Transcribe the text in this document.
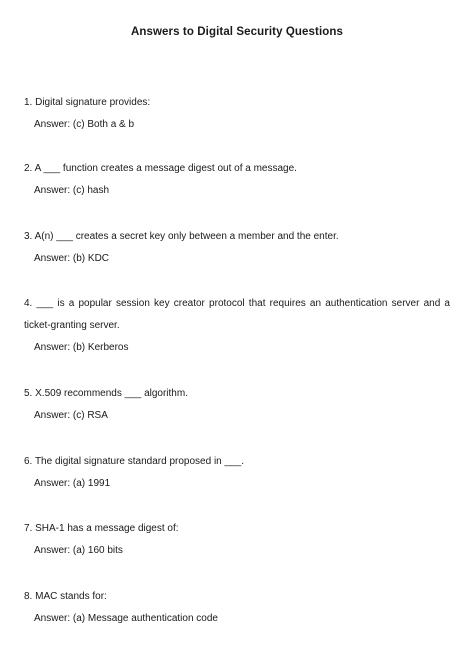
Answers to Digital Security Questions

1. Digital signature provides:

Answer: (c) Both a & b

2. A ___ function creates a message digest out of a message.

Answer: (c) hash

3. A(n) ___ creates a secret key only between a member and the enter.

Answer: (b) KDC

4. ___ is a popular session key creator protocol that requires an authentication server and a ticket-granting server.

Answer: (b) Kerberos

5. X.509 recommends ___ algorithm.

Answer: (c) RSA

6. The digital signature standard proposed in ___.

Answer: (a) 1991

7. SHA-1 has a message digest of:

Answer: (a) 160 bits

8. MAC stands for:

Answer: (a) Message authentication code
